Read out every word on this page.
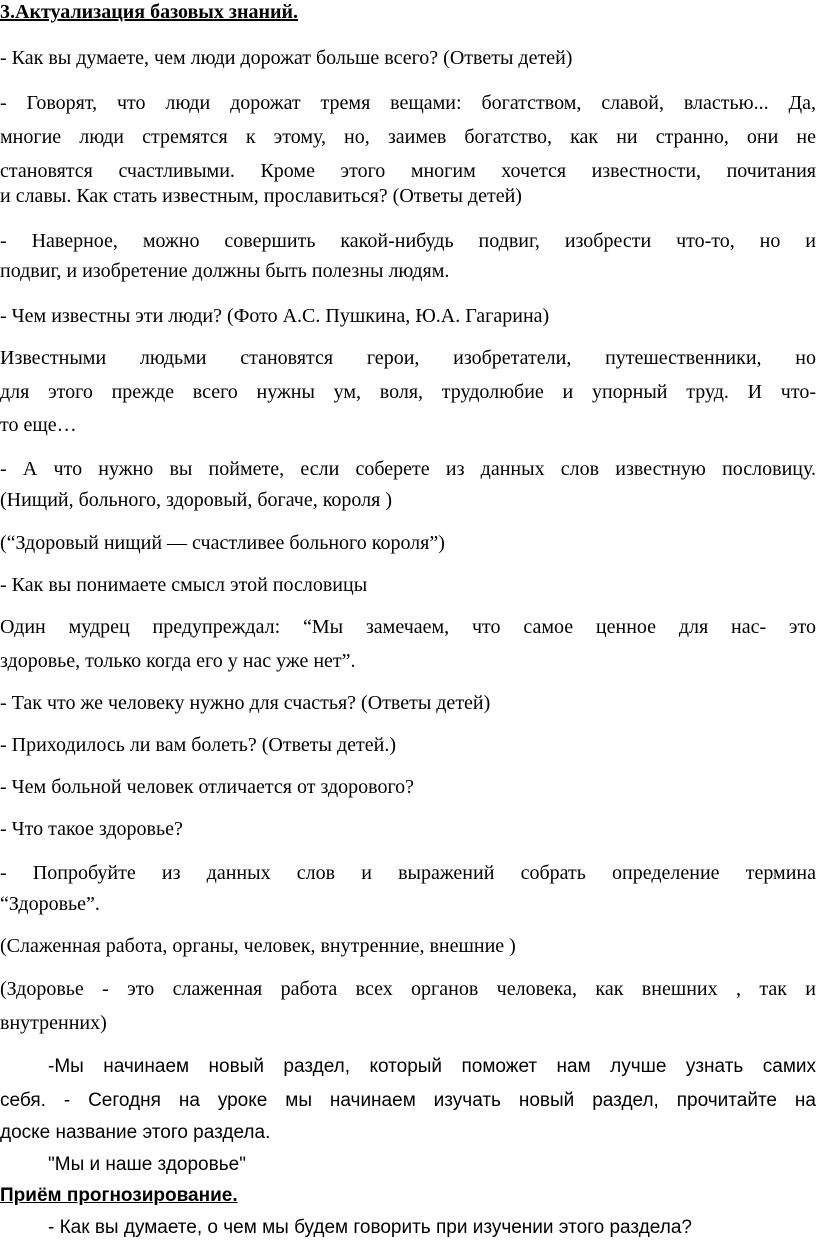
3.Актуализация базовых знаний.
- Как вы думаете, чем люди дорожат больше всего? (Ответы детей)
- Говорят, что люди дорожат тремя вещами: богатством, славой, властью... Да,
многие люди стремятся к этому, но, заимев богатство, как ни странно, они не
становятся счастливыми. Кроме этого многим хочется известности, почитания
и славы. Как стать известным, прославиться? (Ответы детей)
- Наверное, можно совершить какой-нибудь подвиг, изобрести что-то, но и
подвиг, и изобретение должны быть полезны людям.
- Чем известны эти люди? (Фото А.С. Пушкина, Ю.А. Гагарина)
Известными людьми становятся герои, изобретатели, путешественники, но
для этого прежде всего нужны ум, воля, трудолюбие и упорный труд. И что-
то еще…
- А что нужно вы поймете, если соберете из данных слов известную пословицу.
(Нищий, больного, здоровый, богаче, короля )
(“Здоровый нищий — счастливее больного короля”)
- Как вы понимаете смысл этой пословицы
Один мудрец предупреждал: “Мы замечаем, что самое ценное для нас- это
здоровье, только когда его у нас уже нет”.
- Так что же человеку нужно для счастья? (Ответы детей)
- Приходилось ли вам болеть? (Ответы детей.)
- Чем больной человек отличается от здорового?
- Что такое здоровье?
- Попробуйте из данных слов и выражений собрать определение термина
“Здоровье”.
(Слаженная работа, органы, человек, внутренние, внешние )
(Здоровье - это слаженная работа всех органов человека, как внешних , так и
внутренних)
-Мы начинаем новый раздел, который поможет нам лучше узнать самих
себя. - Сегодня на уроке мы начинаем изучать новый раздел, прочитайте на
доске название этого раздела.
"Мы и наше здоровье"
Приём прогнозирование.
- Как вы думаете, о чем мы будем говорить при изучении этого раздела?
